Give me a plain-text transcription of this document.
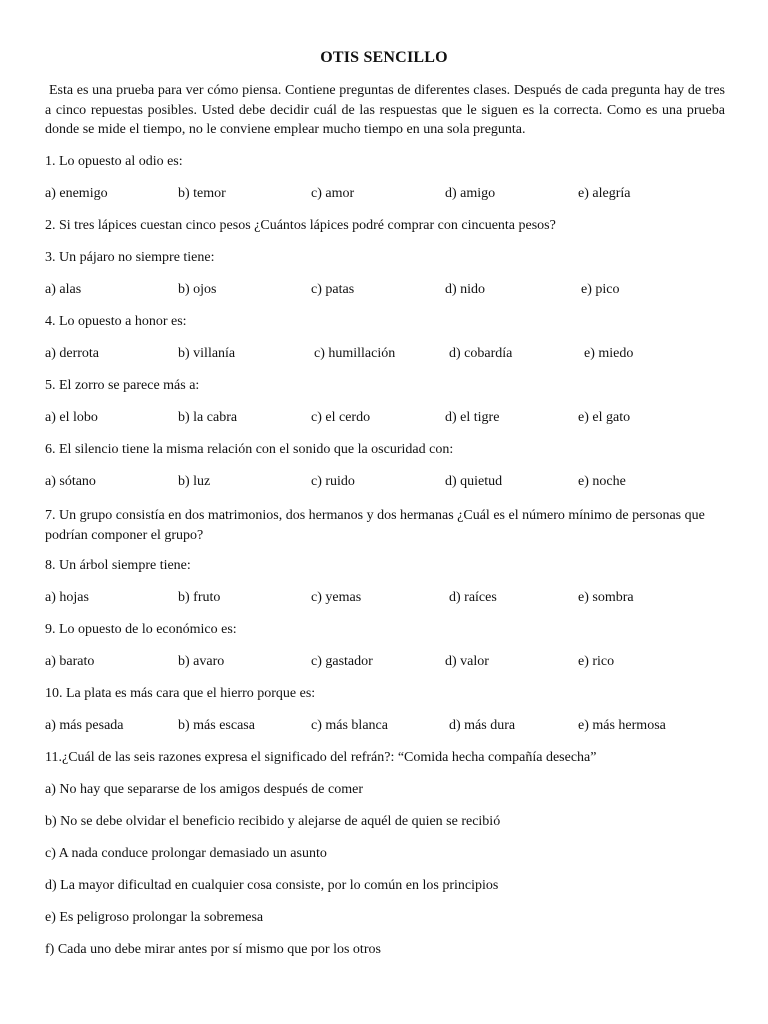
OTIS SENCILLO
Esta es una prueba para ver cómo piensa. Contiene preguntas de diferentes clases. Después de cada pregunta hay de tres a cinco repuestas posibles. Usted debe decidir cuál de las respuestas que le siguen es la correcta. Como es una prueba donde se mide el tiempo, no le conviene emplear mucho tiempo en una sola pregunta.
1. Lo opuesto al odio es:
a) enemigo	b) temor	c) amor	d) amigo	e) alegría
2. Si tres lápices cuestan cinco pesos ¿Cuántos lápices podré comprar con cincuenta pesos?
3. Un pájaro no siempre tiene:
a) alas	b) ojos	c) patas	d) nido	e) pico
4. Lo opuesto a honor es:
a) derrota	b) villanía	c) humillación	d) cobardía	e) miedo
5. El zorro se parece más a:
a) el lobo	b) la cabra	c) el cerdo	d) el tigre	e) el gato
6. El silencio tiene la misma relación con el sonido que la oscuridad con:
a) sótano	b) luz	c) ruido	d) quietud	e) noche
7. Un grupo consistía en dos matrimonios, dos hermanos y dos hermanas ¿Cuál es el número mínimo de personas que podrían componer el grupo?
8. Un árbol siempre tiene:
a) hojas	b) fruto	c) yemas	d) raíces	e) sombra
9. Lo opuesto de lo económico es:
a) barato	b) avaro	c) gastador	d) valor	e) rico
10. La plata es más cara que el hierro porque es:
a) más pesada	b) más escasa	c) más blanca	d) más dura	e) más hermosa
11.¿Cuál de las seis razones expresa el significado del refrán?: “Comida hecha compañía desecha”
a) No hay que separarse de los amigos después de comer
b) No se debe olvidar el beneficio recibido y alejarse de aquél de quien se recibió
c) A nada conduce prolongar demasiado un asunto
d) La mayor dificultad en cualquier cosa consiste, por lo común en los principios
e) Es peligroso prolongar la sobremesa
f) Cada uno debe mirar antes por sí mismo que por los otros
